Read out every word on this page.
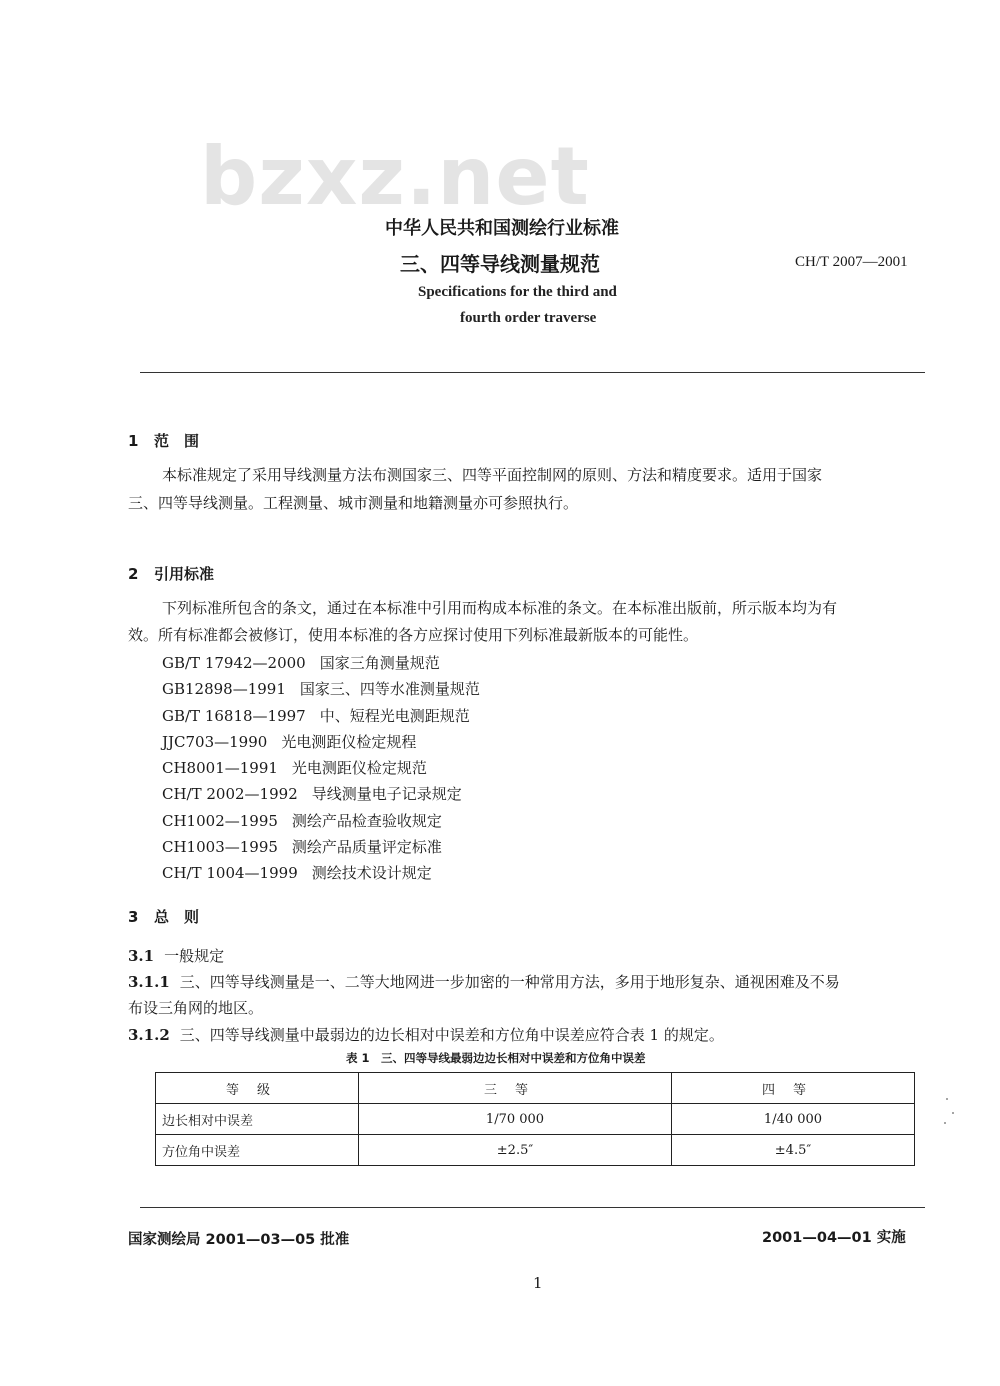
bzxz.net
中华人民共和国测绘行业标准
三、四等导线测量规范	CH/T 2007—2001
Specifications for the third and
fourth order traverse
1 范　围
本标准规定了采用导线测量方法布测国家三、四等平面控制网的原则、方法和精度要求。适用于国家
三、四等导线测量。工程测量、城市测量和地籍测量亦可参照执行。
2 引用标准
下列标准所包含的条文，通过在本标准中引用而构成本标准的条文。在本标准出版前，所示版本均为有
效。所有标准都会被修订，使用本标准的各方应探讨使用下列标准最新版本的可能性。
GB/T 17942—2000 国家三角测量规范
GB12898—1991 国家三、四等水准测量规范
GB/T 16818—1997 中、短程光电测距规范
JJC703—1990 光电测距仪检定规程
CH8001—1991 光电测距仪检定规范
CH/T 2002—1992 导线测量电子记录规定
CH1002—1995 测绘产品检查验收规定
CH1003—1995 测绘产品质量评定标准
CH/T 1004—1999 测绘技术设计规定
3 总　则
3.1 一般规定
3.1.1 三、四等导线测量是一、二等大地网进一步加密的一种常用方法，多用于地形复杂、通视困难及不易
布设三角网的地区。
3.1.2 三、四等导线测量中最弱边的边长相对中误差和方位角中误差应符合表 1 的规定。
表 1　三、四等导线最弱边边长相对中误差和方位角中误差
等级	三等	四等
边长相对中误差	1/70 000	1/40 000
方位角中误差	±2.5″	±4.5″
国家测绘局 2001—03—05 批准	2001—04—01 实施
1
